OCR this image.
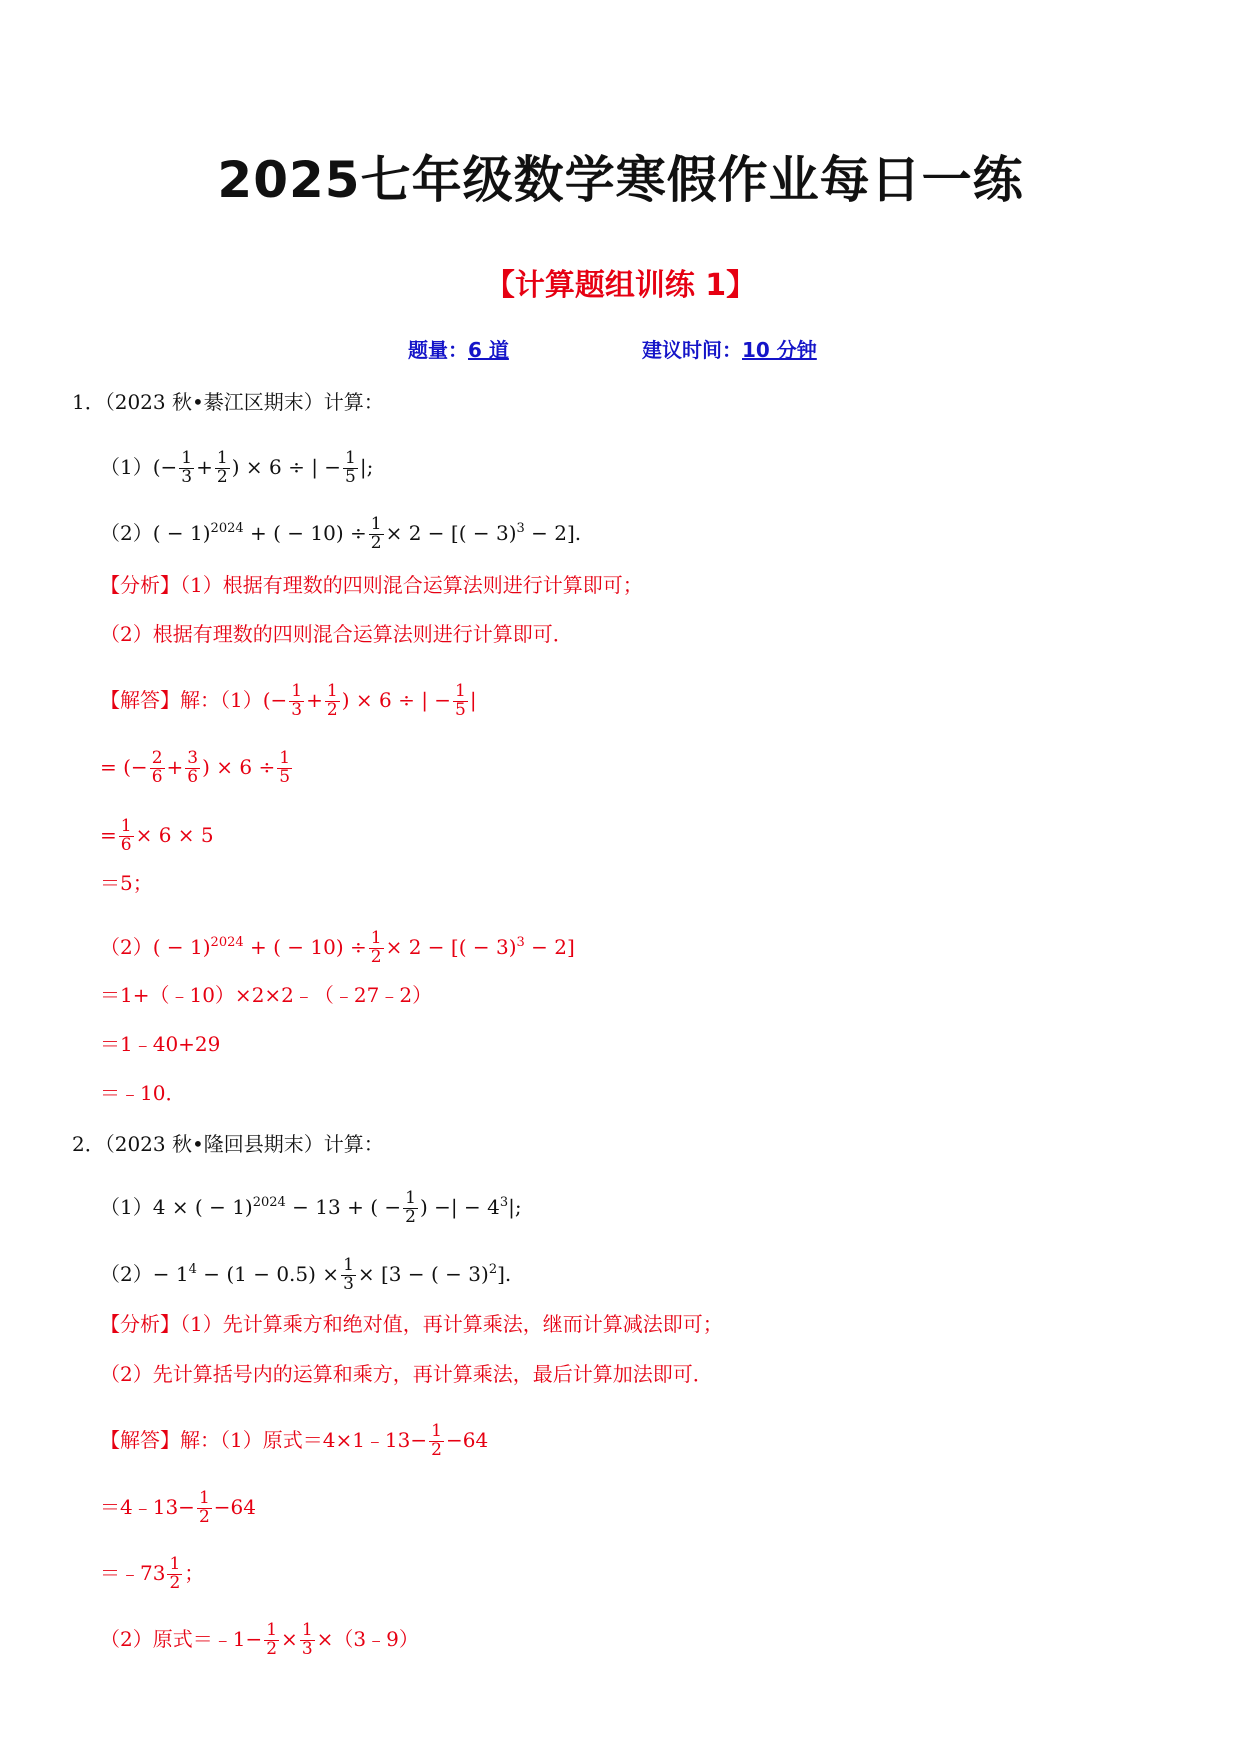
2025七年级数学寒假作业每日一练
【计算题组训练 1】
题量：6 道	建议时间：10 分钟
1．（2023 秋•綦江区期末）计算：
$(1)(- \frac{1}{3} + \frac{1}{2}$ ) × 6 ÷ | − $\frac{1}{5}$ |;
$(2)( - 1)^{2024}$ + ( − $10) \div \frac{1}{2} \times 2$ − [( − 3)$^3$ − 2].
【分析】（1）根据有理数的四则混合运算法则进行计算即可；
（2）根据有理数的四则混合运算法则进行计算即可．
【解答】解：$(1)(- \frac{1}{3} + \frac{1}{2}$ ) × 6 ÷ | − $\frac{1}{5}$ |
= (− $\frac{2}{6} + \frac{3}{6}$ ) × $6 \div \frac{1}{5}$
= $\frac{1}{6} \times 6 \times 5$
＝5；
$(2)( - 1)^{2024}$ + ( − $10) \div \frac{1}{2} \times 2$ − [( − 3)$^3$ − 2]
＝1+（﹣10）×2×2﹣（﹣27﹣2）
＝1﹣40+29
＝﹣10．
2．（2023 秋•隆回县期末）计算：
（1）4 × ( − 1)$^{2024}$ − 13 + ( − $\frac{1}{2}$ ) −| − $4^3|$;
$(2)- 1^4 - (1 - 0.5) \times \frac{1}{3} \times [3$ − ( − 3)$^2$].
【分析】（1）先计算乘方和绝对值，再计算乘法，继而计算减法即可；
（2）先计算括号内的运算和乘方，再计算乘法，最后计算加法即可．
【解答】解：（1）原式＝4×1﹣13− $\frac{1}{2} -64$
＝4﹣13− $\frac{1}{2} -64$
＝﹣73 $\frac{1}{2}$ ；
（2）原式＝﹣1− $\frac{1}{2} \times \frac{1}{3}$ ×（3﹣9）
